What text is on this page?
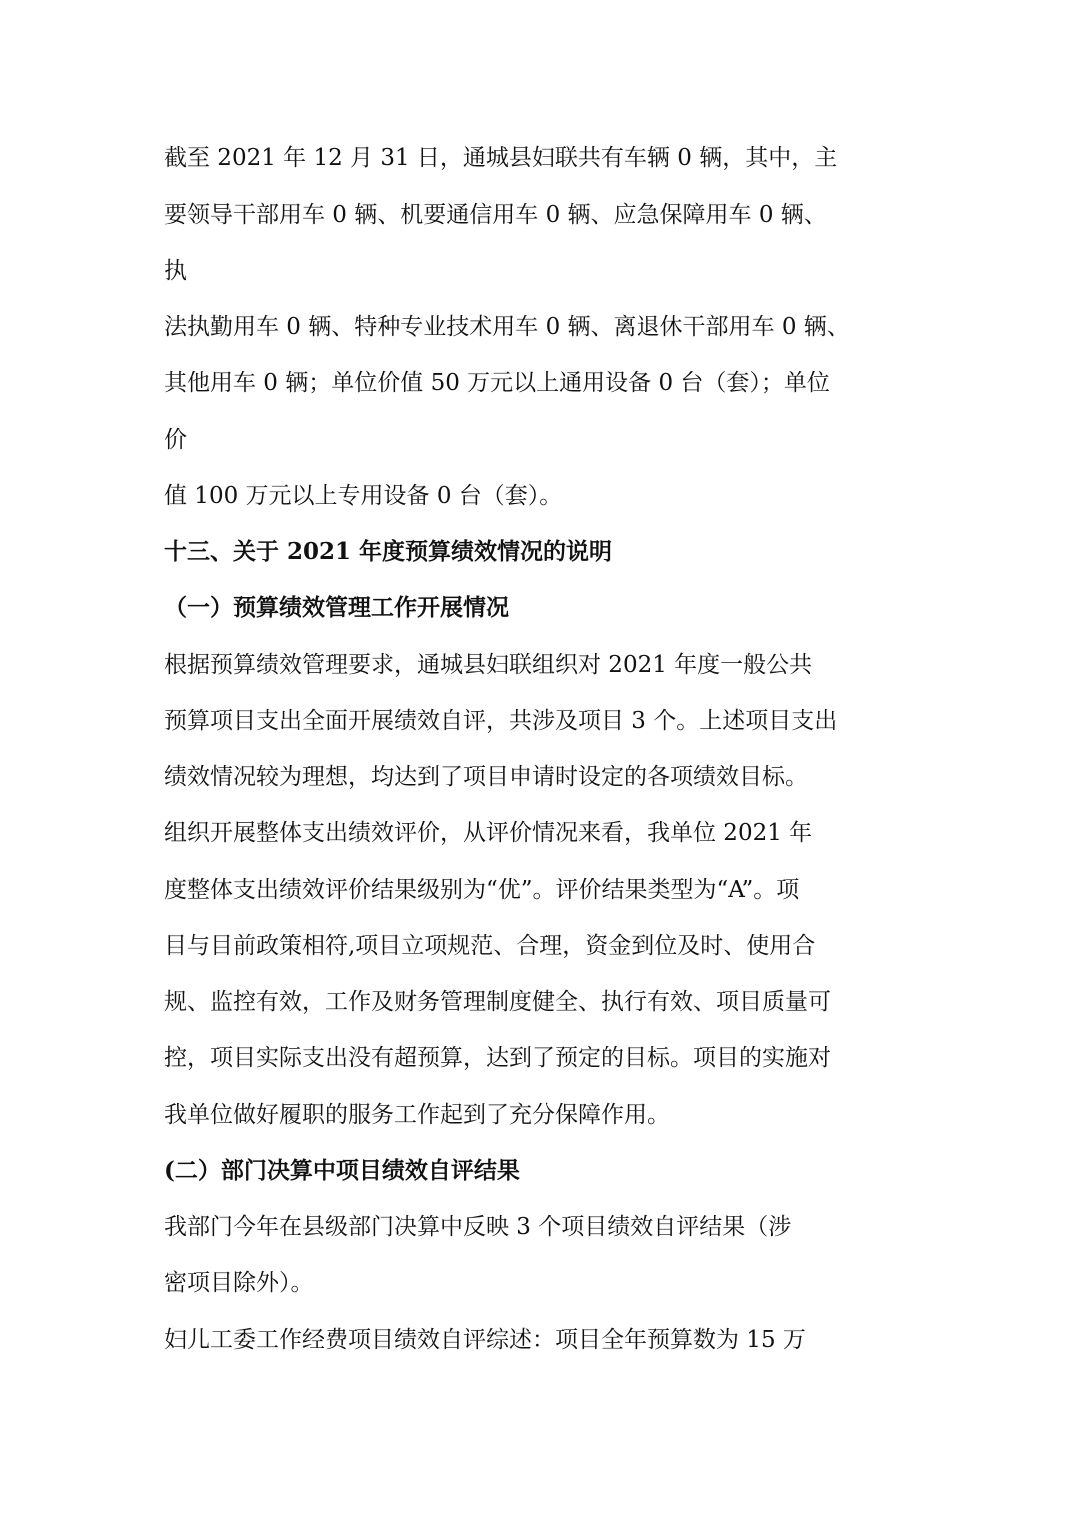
截至 2021 年 12 月 31 日，通城县妇联共有车辆 0 辆，其中，主

要领导干部用车 0 辆、机要通信用车 0 辆、应急保障用车 0 辆、

执

法执勤用车 0 辆、特种专业技术用车 0 辆、离退休干部用车 0 辆、

其他用车 0 辆；单位价值 50 万元以上通用设备 0 台（套）；单位

价

值 100 万元以上专用设备 0 台（套）。

十三、关于 2021 年度预算绩效情况的说明

（一）预算绩效管理工作开展情况

根据预算绩效管理要求，通城县妇联组织对 2021 年度一般公共

预算项目支出全面开展绩效自评，共涉及项目 3 个。上述项目支出

绩效情况较为理想，均达到了项目申请时设定的各项绩效目标。

组织开展整体支出绩效评价，从评价情况来看，我单位 2021 年

度整体支出绩效评价结果级别为“优”。评价结果类型为“A”。项

目与目前政策相符,项目立项规范、合理，资金到位及时、使用合

规、监控有效，工作及财务管理制度健全、执行有效、项目质量可

控，项目实际支出没有超预算，达到了预定的目标。项目的实施对

我单位做好履职的服务工作起到了充分保障作用。

(二）部门决算中项目绩效自评结果

我部门今年在县级部门决算中反映 3 个项目绩效自评结果（涉

密项目除外）。

妇儿工委工作经费项目绩效自评综述：项目全年预算数为 15 万
